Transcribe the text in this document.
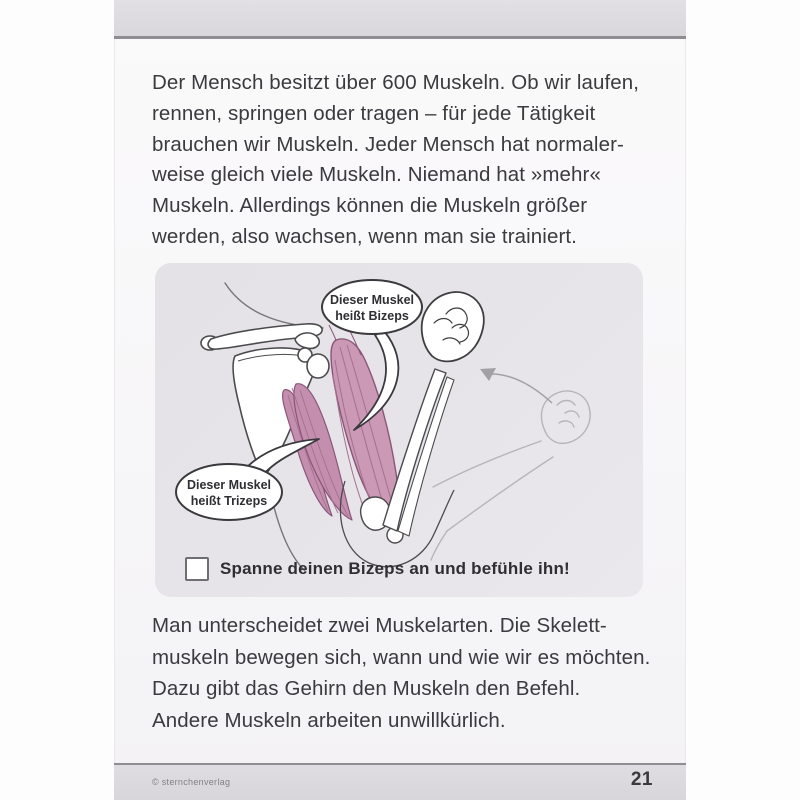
Der Mensch besitzt über 600 Muskeln. Ob wir laufen,
rennen, springen oder tragen – für jede Tätigkeit
brauchen wir Muskeln. Jeder Mensch hat normaler-
weise gleich viele Muskeln. Niemand hat »mehr«
Muskeln. Allerdings können die Muskeln größer
werden, also wachsen, wenn man sie trainiert.
Dieser Muskel
heißt Bizeps
Dieser Muskel
heißt Trizeps
Spanne deinen Bizeps an und befühle ihn!
Man unterscheidet zwei Muskelarten. Die Skelett-
muskeln bewegen sich, wann und wie wir es möchten.
Dazu gibt das Gehirn den Muskeln den Befehl.
Andere Muskeln arbeiten unwillkürlich.
© sternchenverlag	21
